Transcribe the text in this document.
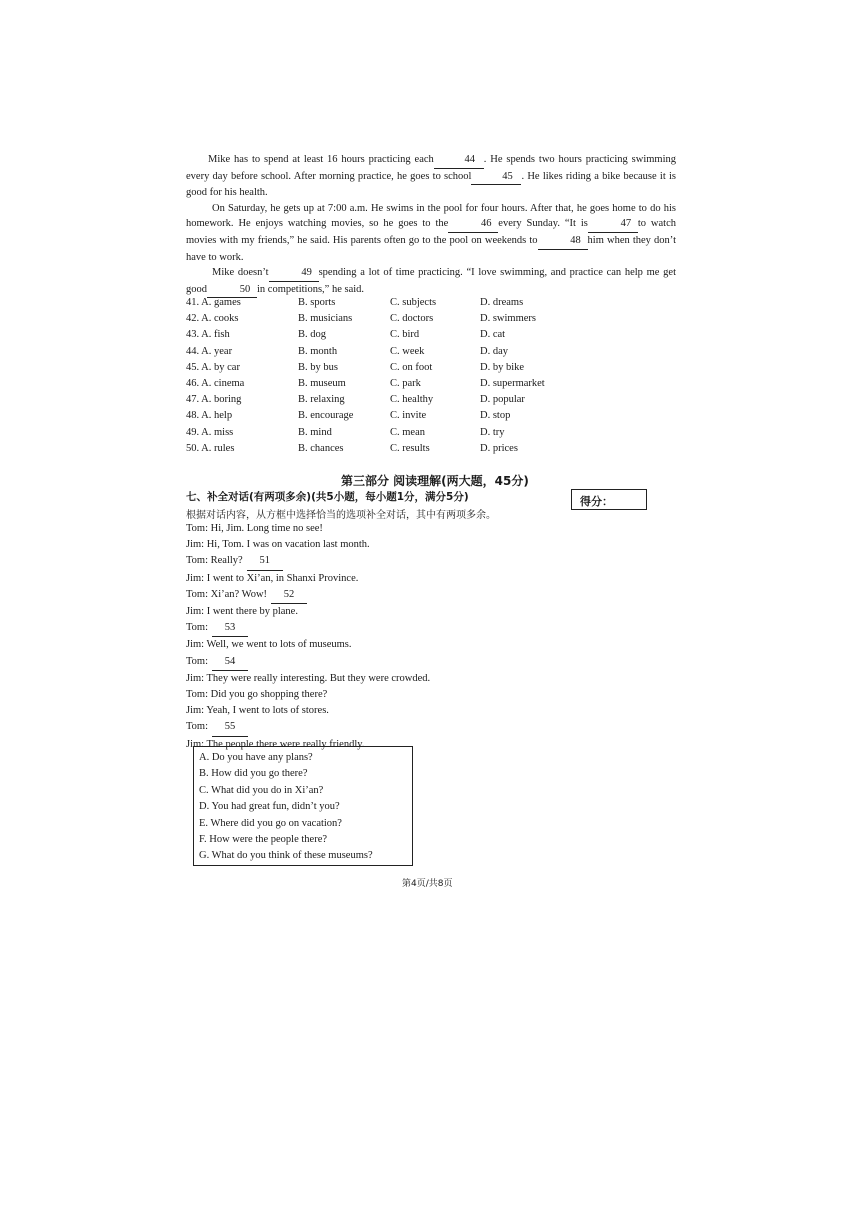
Mike has to spend at least 16 hours practicing each	44 . He spends two hours practicing swimming every day before school. After morning practice, he goes to school	45 . He likes riding a bike because it is good for his health.

On Saturday, he gets up at 7:00 a.m. He swims in the pool for four hours. After that, he goes home to do his homework. He enjoys watching movies, so he goes to the	46 every Sunday. “It is	47 to watch movies with my friends,” he said. His parents often go to the pool on weekends to	48 him when they don’t have to work.

Mike doesn’t	49 spending a lot of time practicing. “I love swimming, and practice can help me get good	50 in competitions,” he said.

41. A. games	B. sports	C. subjects	D. dreams
42. A. cooks	B. musicians	C. doctors	D. swimmers
43. A. fish	B. dog	C. bird	D. cat
44. A. year	B. month	C. week	D. day
45. A. by car	B. by bus	C. on foot	D. by bike
46. A. cinema	B. museum	C. park	D. supermarket
47. A. boring	B. relaxing	C. healthy	D. popular
48. A. help	B. encourage	C. invite	D. stop
49. A. miss	B. mind	C. mean	D. try
50. A. rules	B. chances	C. results	D. prices
第三部分 阅读理解(两大题，45分)
七、补全对话(有两项多余)(共5小题，每小题1分，满分5分)
根据对话内容，从方框中选择恰当的选项补全对话，其中有两项多余。
得分：
Tom: Hi, Jim. Long time no see!
Jim: Hi, Tom. I was on vacation last month.
Tom: Really? 51
Jim: I went to Xi’an, in Shanxi Province.
Tom: Xi’an? Wow! 52
Jim: I went there by plane.
Tom: 53
Jim: Well, we went to lots of museums.
Tom: 54
Jim: They were really interesting. But they were crowded.
Tom: Did you go shopping there?
Jim: Yeah, I went to lots of stores.
Tom: 55
Jim: The people there were really friendly.
A. Do you have any plans?
B. How did you go there?
C. What did you do in Xi’an?
D. You had great fun, didn’t you?
E. Where did you go on vacation?
F. How were the people there?
G. What do you think of these museums?
第4页/共8页
